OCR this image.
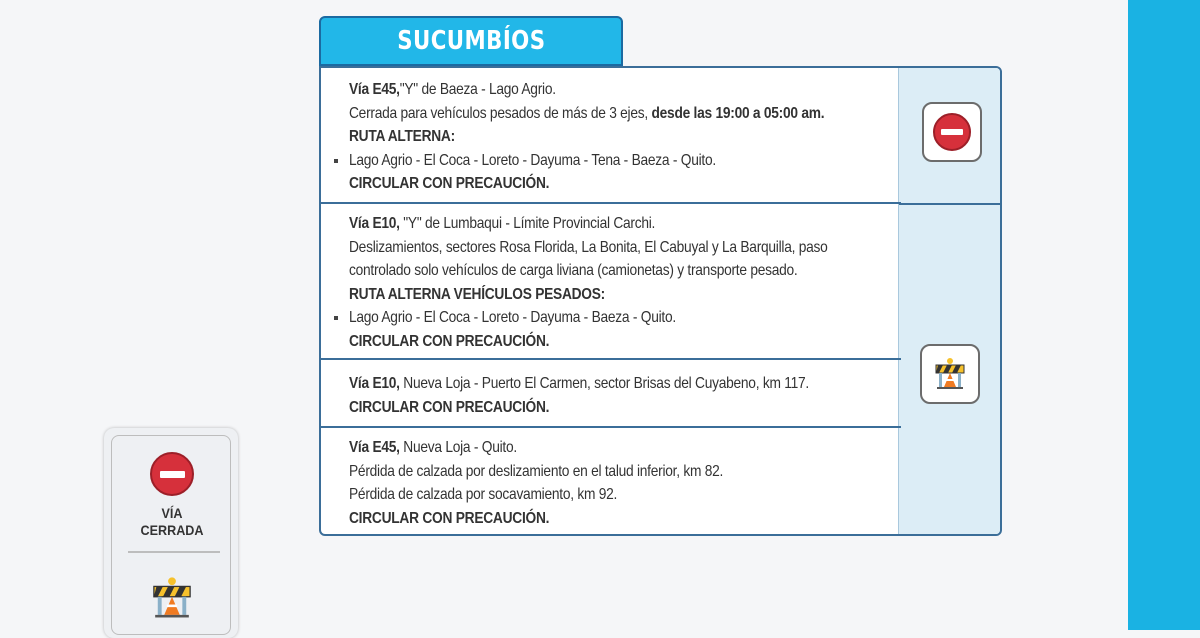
SUCUMBÍOS
Vía E45,"Y" de Baeza - Lago Agrio.
Cerrada para vehículos pesados de más de 3 ejes, desde las 19:00 a 05:00 am.
RUTA ALTERNA:
Lago Agrio - El Coca - Loreto - Dayuma - Tena - Baeza - Quito.
CIRCULAR CON PRECAUCIÓN.
Vía E10, "Y" de Lumbaqui - Límite Provincial Carchi.
Deslizamientos, sectores Rosa Florida, La Bonita, El Cabuyal y La Barquilla, paso
controlado solo vehículos de carga liviana (camionetas) y transporte pesado.
RUTA ALTERNA VEHÍCULOS PESADOS:
Lago Agrio - El Coca - Loreto - Dayuma - Baeza - Quito.
CIRCULAR CON PRECAUCIÓN.
Vía E10, Nueva Loja - Puerto El Carmen, sector Brisas del Cuyabeno, km 117.
CIRCULAR CON PRECAUCIÓN.
Vía E45, Nueva Loja - Quito.
Pérdida de calzada por deslizamiento en el talud inferior, km 82.
Pérdida de calzada por socavamiento, km 92.
CIRCULAR CON PRECAUCIÓN.
VÍA
CERRADA
